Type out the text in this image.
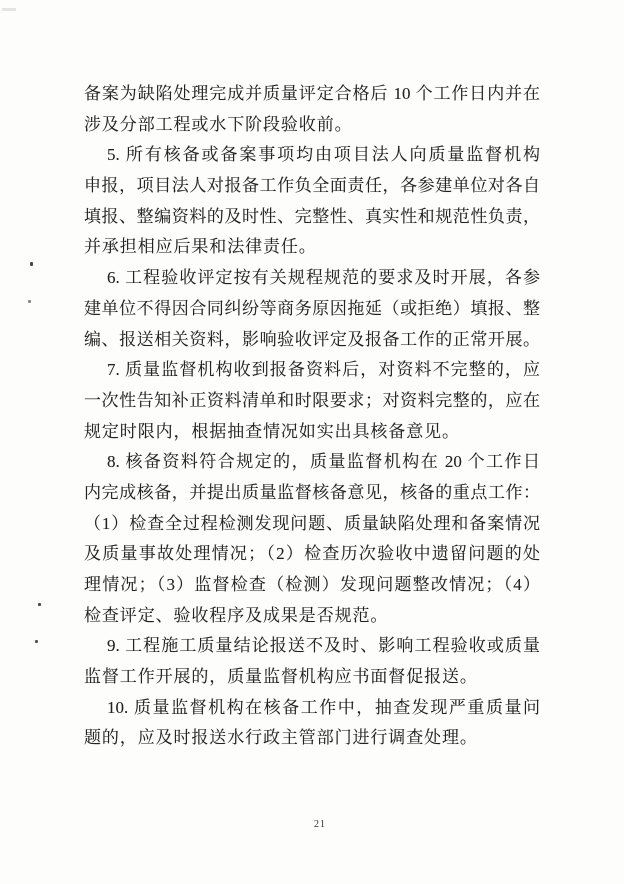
备案为缺陷处理完成并质量评定合格后 10 个工作日内并在
涉及分部工程或水下阶段验收前。
5. 所有核备或备案事项均由项目法人向质量监督机构
申报，项目法人对报备工作负全面责任，各参建单位对各自
填报、整编资料的及时性、完整性、真实性和规范性负责，
并承担相应后果和法律责任。
6. 工程验收评定按有关规程规范的要求及时开展，各参
建单位不得因合同纠纷等商务原因拖延（或拒绝）填报、整
编、报送相关资料，影响验收评定及报备工作的正常开展。
7. 质量监督机构收到报备资料后，对资料不完整的，应
一次性告知补正资料清单和时限要求；对资料完整的，应在
规定时限内，根据抽查情况如实出具核备意见。
8. 核备资料符合规定的，质量监督机构在 20 个工作日
内完成核备，并提出质量监督核备意见，核备的重点工作：
（1）检查全过程检测发现问题、质量缺陷处理和备案情况
及质量事故处理情况；（2）检查历次验收中遗留问题的处
理情况；（3）监督检查（检测）发现问题整改情况；（4）
检查评定、验收程序及成果是否规范。
9. 工程施工质量结论报送不及时、影响工程验收或质量
监督工作开展的，质量监督机构应书面督促报送。
10. 质量监督机构在核备工作中，抽查发现严重质量问
题的，应及时报送水行政主管部门进行调查处理。
21
